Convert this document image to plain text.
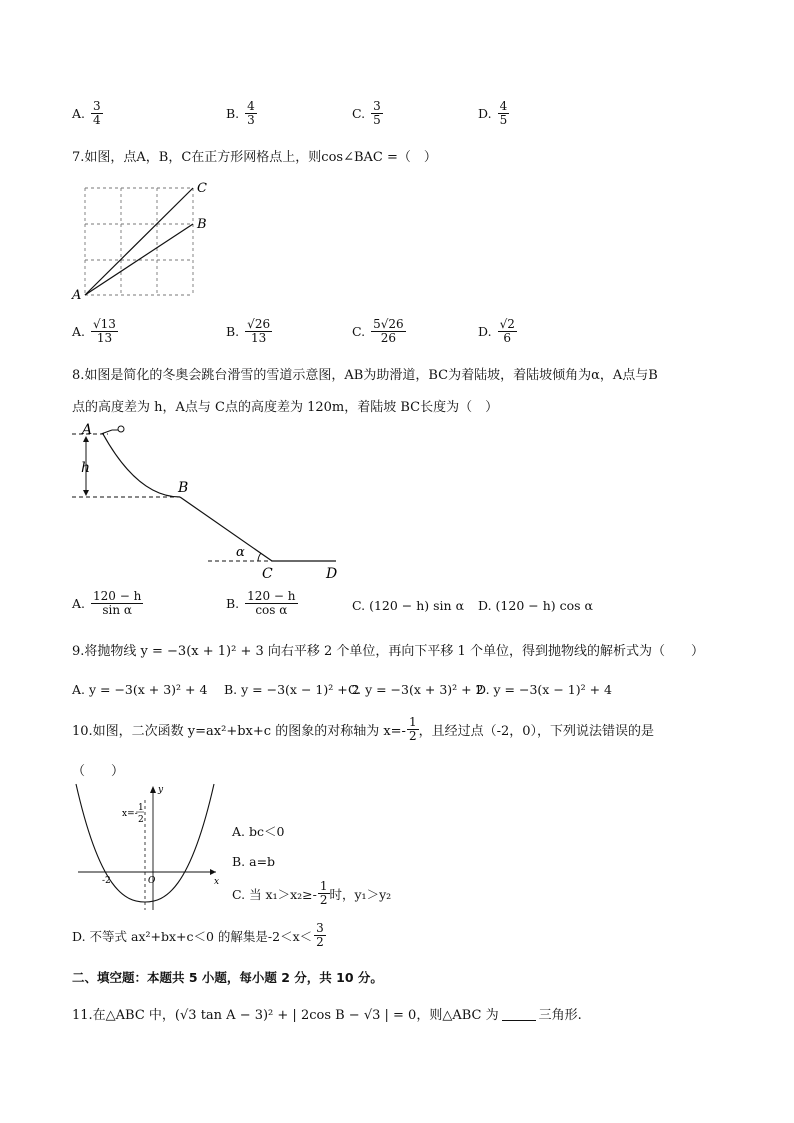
A. $\frac{3}{4}$	B. $\frac{4}{3}$	C. $\frac{3}{5}$	D. $\frac{4}{5}$
7.如图，点A，B，C在正方形网格点上，则cos∠BAC =（　）
A
C
B
A. $\frac{√13}{13}$	B. $\frac{√26}{13}$	C. $\frac{5√26}{26}$	D. $\frac{√2}{6}$
8.如图是简化的冬奥会跳台滑雪的雪道示意图，AB为助滑道，BC为着陆坡，着陆坡倾角为α，A点与B
点的高度差为 h，A点与 C点的高度差为 120m，着陆坡 BC长度为（　）
A
h
B
α
C	D
A. $\frac{120 - h}{\text{sin α}}$	B. $\frac{120 - h}{\text{cos α}}$	C.
(120 − h) sin α D.
(120 − h) cos α
9.将抛物线 y = −3(x + 1)² + 3 向右平移 2 个单位，再向下平移 1 个单位，得到抛物线的解析式为（　　）
A. y = −3(x + 3)² + 4 B. y = −3(x − 1)² + 2
C. y = −3(x + 3)² + 2
D. y = −3(x − 1)² + 4
10.如图，二次函数 y=ax²+bx+c 的图象的对称轴为 $x=- \frac{1}{2}$ ，且经过点（-2，0），下列说法错误的是
（　　）
y
x
O
-2
x=-
1
2
A. bc＜0
B. a=b
C. 当 $x_1>x_2\ge- \frac{1}{2}$ 时，y₁＞y₂
D. 不等式 ax²+bx+c＜0 的解集是$-2<x< \frac{3}{2}$
二、填空题：本题共 5 小题，每小题 2 分，共 10 分。
11.在△ABC 中，(√3 tan A − 3)² + | 2cos B − √3 | = 0，则△ABC 为	三角形.
